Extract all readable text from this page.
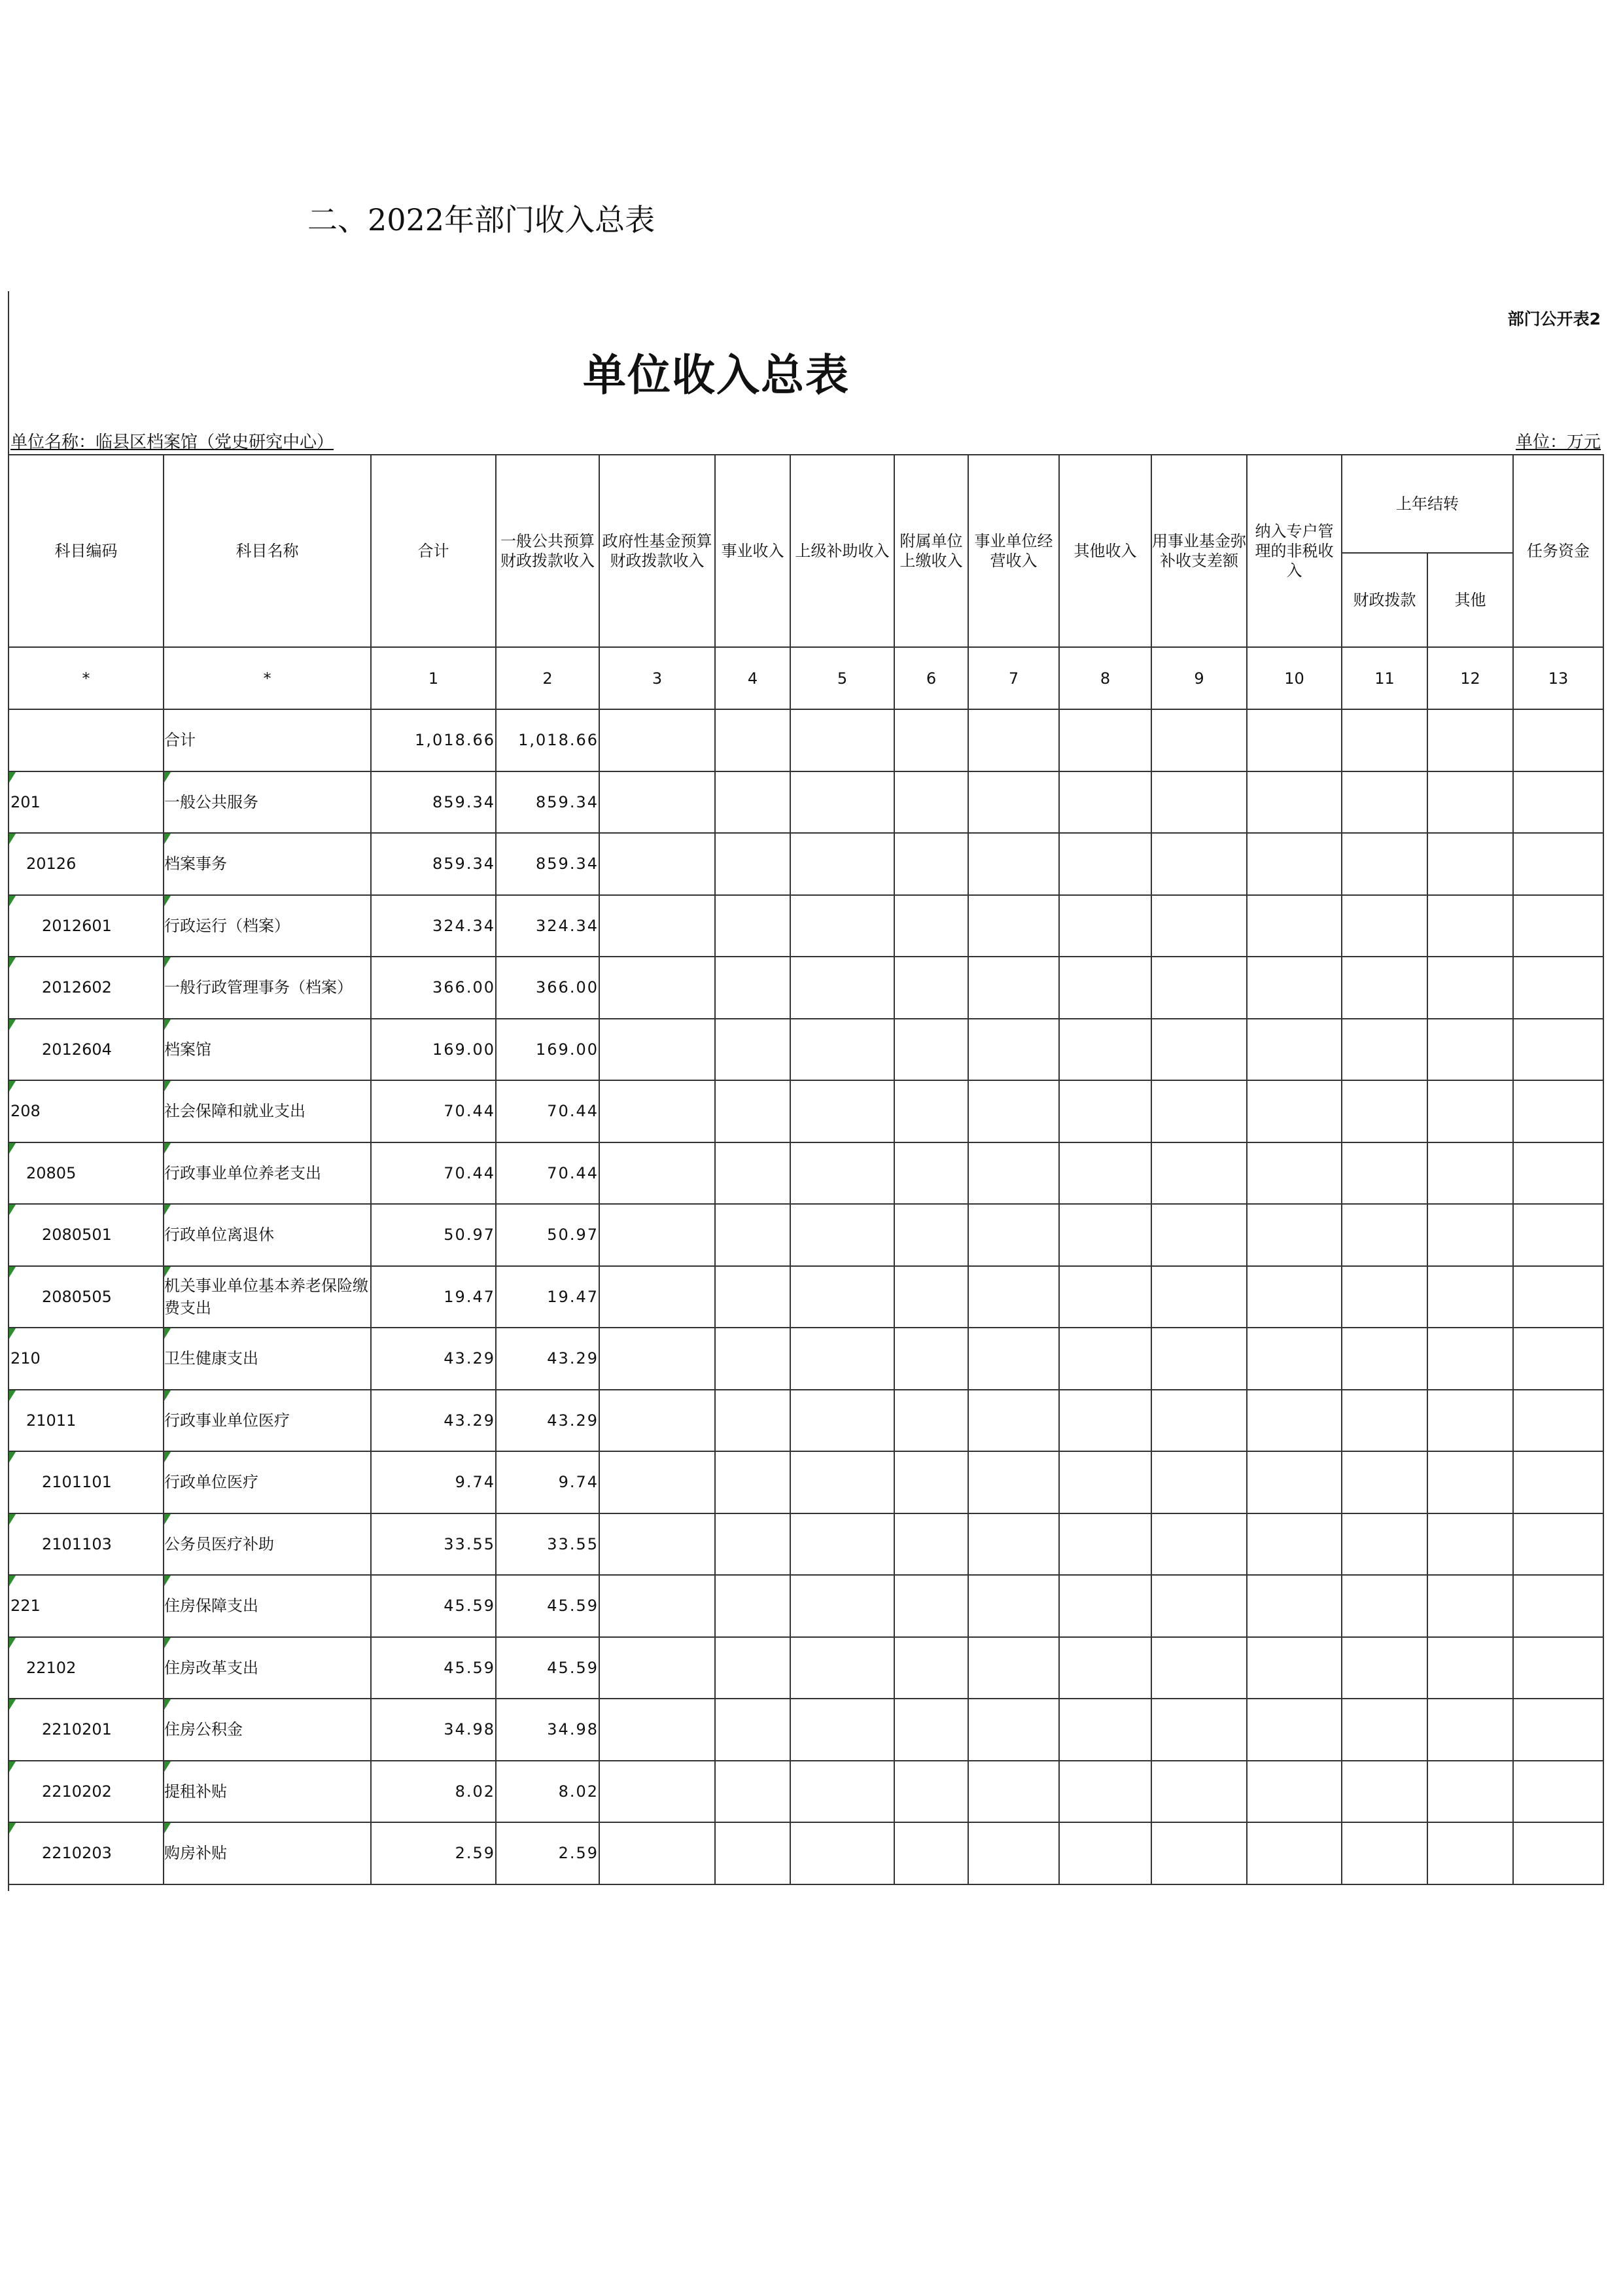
二、2022年部门收入总表
部门公开表2
单位收入总表
单位名称：临县区档案馆（党史研究中心）	单位：万元
科目编码	科目名称	合计	一般公共预算财政拨款收入	政府性基金预算财政拨款收入	事业收入	上级补助收入	附属单位上缴收入	事业单位经营收入	其他收入	用事业基金弥补收支差额	纳入专户管理的非税收入	上年结转		任务资金
												财政拨款	其他	
*	*	1	2	3	4	5	6	7	8	9	10	11	12	13
	合计	1,018.66	1,018.66											
201	一般公共服务	859.34	859.34											
20126	档案事务	859.34	859.34											
2012601	行政运行（档案）	324.34	324.34											
2012602	一般行政管理事务（档案）	366.00	366.00											
2012604	档案馆	169.00	169.00											
208	社会保障和就业支出	70.44	70.44											
20805	行政事业单位养老支出	70.44	70.44											
2080501	行政单位离退休	50.97	50.97											
2080505	机关事业单位基本养老保险缴费支出	19.47	19.47											
210	卫生健康支出	43.29	43.29											
21011	行政事业单位医疗	43.29	43.29											
2101101	行政单位医疗	9.74	9.74											
2101103	公务员医疗补助	33.55	33.55											
221	住房保障支出	45.59	45.59											
22102	住房改革支出	45.59	45.59											
2210201	住房公积金	34.98	34.98											
2210202	提租补贴	8.02	8.02											
2210203	购房补贴	2.59	2.59											
